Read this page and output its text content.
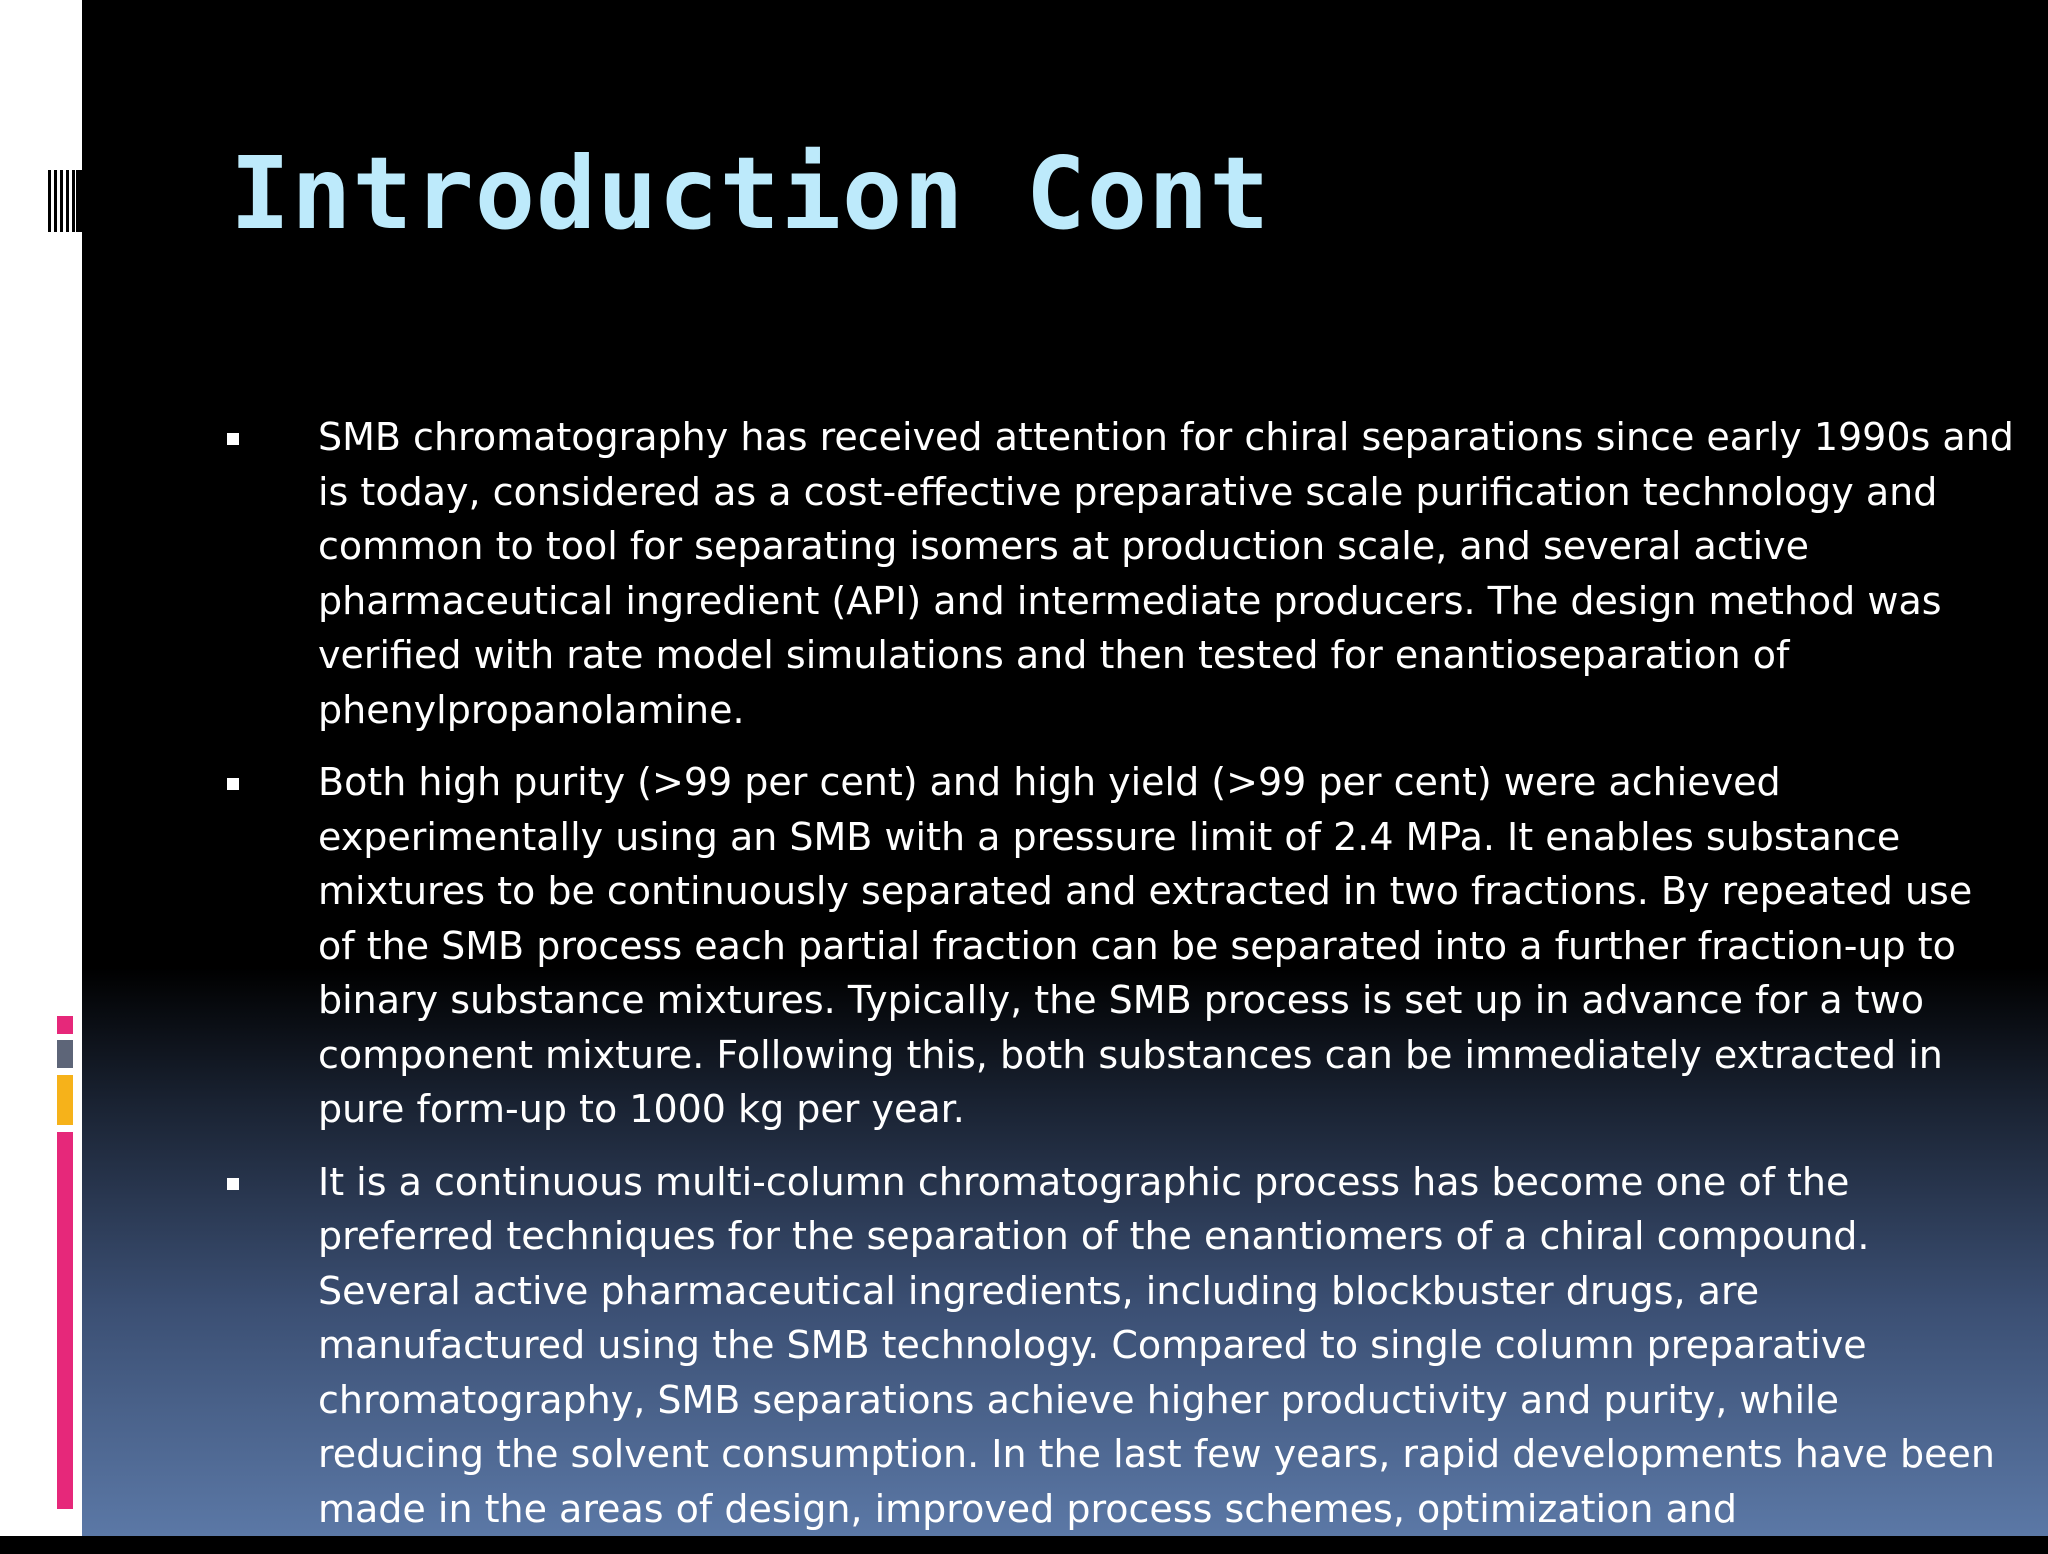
Introduction Cont
SMB chromatography has received attention for chiral separations since early 1990s and is today, considered as a cost-effective preparative scale purification technology and common to tool for separating isomers at production scale, and several active pharmaceutical ingredient (API) and intermediate producers. The design method was verified with rate model simulations and then tested for enantioseparation of phenylpropanolamine.
Both high purity (>99 per cent) and high yield (>99 per cent) were achieved experimentally using an SMB with a pressure limit of 2.4 MPa. It enables substance mixtures to be continuously separated and extracted in two fractions. By repeated use of the SMB process each partial fraction can be separated into a further fraction-up to binary substance mixtures. Typically, the SMB process is set up in advance for a two component mixture. Following this, both substances can be immediately extracted in pure form-up to 1000 kg per year.
It is a continuous multi-column chromatographic process has become one of the preferred techniques for the separation of the enantiomers of a chiral compound. Several active pharmaceutical ingredients, including blockbuster drugs, are manufactured using the SMB technology. Compared to single column preparative chromatography, SMB separations achieve higher productivity and purity, while reducing the solvent consumption. In the last few years, rapid developments have been made in the areas of design, improved process schemes, optimization and
